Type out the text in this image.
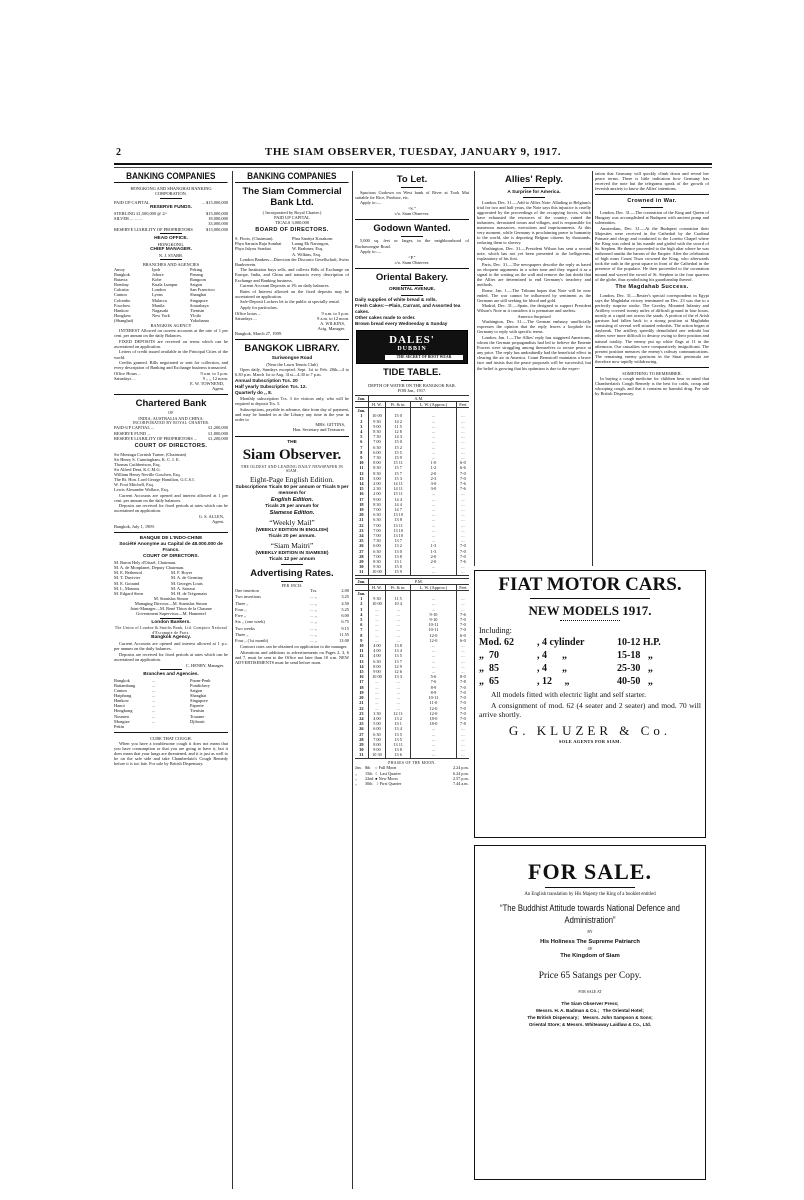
2	THE SIAM OBSERVER, TUESDAY, JANUARY 9, 1917.
BANKING COMPANIES
HONGKONG AND SHANGHAI BANKING CORPORATION.
PAID UP CAPITAL	... $15,000,000
RESERVE FUNDS.
STERLING £1,500,000 @ 2/-	$15,000,000
SILVER ... ... ...	18,000,000
33,000,000
RESERVE LIABILITY OF PROPRIETORS	$15,000,000
HEAD OFFICE.
HONGKONG.
CHIEF MANAGER.
N. J. STABB.
BRANCHES AND AGENCIES
Amoy	Ipoh	Peking
Bangkok	Johore	Penang
Batavia	Kobe	Rangoon
Bombay	Kuala Lumpur	Saigon
Calcutta	London	San Francisco
Canton	Lyons	Shanghai
Colombo	Malacca	Singapore
Foochow	Manila	Sourabaya
Hankow	Nagasaki	Tientsin
Hongkew	New York	Yloilo
(Shanghai)	Yokohama
BANGKOK AGENCY
INTEREST Allowed on current accounts at the rate of 1 per cent. per annum on the daily Balances.
FIXED DEPOSITS are received on terms which can be ascertained on application.
Letters of credit issued available in the Principal Cities of the world.
Credits granted. Bills negotiated or sent for collection, and every description of Banking and Exchange business transacted.
Office Hours ...	9 a.m. to 3 p.m.
Saturdays ...	9 ,, ,, 12 noon.
E. W. TOWNEND,
Agent.
Chartered Bank
OF
INDIA, AUSTRALIA AND CHINA.
INCORPORATED BY ROYAL CHARTER.
PAID-UP CAPITAL ...	£1,200,000
RESERVE FUND ...	£1,800,000
RESERVE LIABILITY OF PROPRIETORS ...	£1,200,000
COURT OF DIRECTORS.
Sir Montagu Cornish Turner, (Chairman)
Sir Henry S. Cunningham, K. C. I. E.
Thomas Cuthbertson, Esq.
Sir Alfred Dent, K.C.M.G.
William Henry Neville Goschen, Esq.
The Rt. Hon. Lord George Hamilton, G.C.S.I.
W. Foot Mitchell, Esq.
Lewis Alexander Wallace, Esq.
Current Accounts are opened and interest allowed at 1 per cent. per annum on the daily balances.
Deposits are received for fixed periods at rates which can be ascertained on application.
G. S. ALLEN,
Agent.
Bangkok, July 1, 1909.
BANQUE DE L'INDO-CHINE
Société Anonyme au Capital de 48.000.000 de Francs.
COURT OF DIRECTORS.
M. Baron Hely d'Oissel, Chairman.
M. A. de Monplanet, Deputy Chairman.
M. E. Bethenod	M. F. Boyer
M. T. Duvivier	M. A. de Germiny
M. E. Goirand	M. Georges Louis
M. L. Masnou	M. A. Sarraut
M. Edgard Stern	M. H. de Trégomain
M. Stanislas Simon
Managing Director—M. Stanislas Simon
Joint-Manager—M. René Thion de la Chaume
Government Supervisor—M. Hamentel
London Bankers.
The Union of London & Smiths Bank, Ltd. Comptoir National d'Escompte de Paris.
Bangkok Agency.
Current Accounts are opened and interest allowed at 1 p.c. per annum on the daily balances.
Deposits are received for fixed periods at rates which can be ascertained on application.
C. HENRY, Manager.
Branches and Agencies.
Bangkok	...	Pnom-Penh
Battambang	...	Pondichery
Canton	...	Saigon
Haiphong	...	Shanghai
Hankow	...	Singapore
Hanoi	...	Papeete
Hongkong	...	Tientsin
Noumea	...	Tourane
Mongtze	...	Djibouti
Pekin
CURE THAT COUGH.
When you have a troublesome cough it does not mean that you have consumption or that you are going to have it, but it does mean that your lungs are threatened, and it is just as well to be on the safe side and take Chamberlain's Cough Remedy before it is too late. For sale by British Dispensary.
BANKING COMPANIES
The Siam Commercial Bank Ltd.
( Incorporated by Royal Charter.)
PAID UP CAPITAL
TICALS 3,000,000
BOARD OF DIRECTORS.
S. Floris, (Chairman).	Phra Sanitya Kosakorn
Phya Sarasin Raja Sombat	Luang Ek Narongon,
Phya Jalyou Sombat	W. Brahmer, Esq.
A. Wilkins, Esq.
London Bankers—Direction der Disconto Gesellschaft, Swiss Bankverein.
The Institution buys sells, and collects Bills of Exchange on Europe, India, and China and transacts every description of Exchange and Banking business.
Current Account Deposits at 1% on daily balances.
Rates of Interest allowed on the fixed deposits may be ascertained on application.
Safe-Deposit Lockers let to the public at specially rental.
Apply for particulars.
Office hours ...	9 a.m. to 3 p.m.
Saturdays ...	9 a.m. to 12 noon.
A. WILKINS,
Actg. Manager.
Bangkok, March 27, 1909.
BANGKOK LIBRARY.
Suriwongse Road
(Near the Lawn Tennis Club)
Open daily, Sundays excepted. Sept. 1st to Feb. 28th—4 to 6.30 p.m. March 1st to Aug. 31st—4.30 to 7 p.m.
Annual Subscription Tcs. 20
Half yearly Subscription Tcs. 12.
Quarterly do ,, 8.
Monthly subscription Tcs. 3 for visitors only, who will be required to deposit Tcs. 5.
Subscriptions, payable in advance, date from day of payment, and may be handed in at the Library any time in the year in order to
MRS. GITTINS,
Hon. Secretary and Treasurer.
THE
Siam Observer.
THE OLDEST AND LEADING DAILY NEWSPAPER IN SIAM.
Eight-Page English Edition.
Subscriptions Ticals 50 per annum or Ticals 5 per mensem for
English Edition.
Ticals 25 per annum for
Siamese Edition.
“Weekly Mail”
(WEEKLY EDITION IN ENGLISH)
Ticals 20 per annum.
“Siam Maitri”
(WEEKLY EDITION IN SIAMESE)
Ticals 12 per annum
Advertising Rates.
PER INCH.
One insertion	Tcs.	2.00
Two insertions	... ,,	3.25
Three ,,	... ,,	4.50
Four ,,	... ,,	5.25
Five ,,	... ,,	6.00
Six ,, (one week)	... ,,	6.75
Two weeks	... ,,	9.15
Three ,,	... ,,	11.55
Four ,, (1st month)	... ,,	13.00
Contract rates can be obtained on application to the manager.
Alterations and additions to advertisements on Pages 2, 3, 6 and 7, must be sent to the Office not later than 10 a.m. NEW ADVERTISEMENTS must be send before noon.
To Let.
Spacious Godown on West bank of River at Took Mai suitable for Rice, Produce, etc.
Apply to:—
“S.”
c/o. Siam Observer.
Godown Wanted.
5,000 sq. feet or larger, in the neighbourhood of Rachawongse Road.
Apply to:—
“P.”
c/o. Siam Observer.
Oriental Bakery.
ORIENTAL AVENUE.
Daily supplies of white bread & rolls.
Fresh Cakes:—Plain, Currant, and Assorted tea cakes.
Other cakes made to order.
Brown bread every Wednesday & Sunday
DALES'
DUBBIN
THE SECRET OF BOOT WEAR
TIDE TABLE.
DEPTH OF WATER ON THE BANGKOK BAR.
FOR Jan., 1917.
Jan.	A.M.			
	H. W.	Ft. & in.	L. W. (Approx.)	Feet
Jan.				
1	10 00	15 0	...	...
2	9 30	14 2	...	...
3	9 00	11 5	...	...
4	8 30	12 8	...	...
5	7 30	14 3	...	...
6	7 00	15 0	...	...
7	6 30	15 2	...	...
8	6 00	15 5	...	...
9	7 30	15 9	...	...
10	8 00	15 11	1-0	6-0
11	8 30	15 7	1-2	6-6
12	8 30	15 7	2-0	7-0
13	3 00	15 3	2-3	7-0
14	2 00	14 11	3-0	7-6
15	2 30	14 11	3-0	7-6
16	2 00	15 11	...	...
17	9 00	14 4	...	...
18	8 30	14 4	...	...
19	7 00	14 7	...	...
20	6 30	13 10	...	...
21	6 30	13 8	...	...
22	7 00	13 11	...	...
23	7 00	13 10	...	...
24	7 00	13 10	...	...
25	7 30	13 7	...	...
26	6 00	13 2	1-3	7-0
27	6 30	13 0	1-3	7-0
28	7 00	13 8	2-0	7-0
29	8 30	13 1	2-0	7-6
30	9 30	15 0	...	...
31	10 00	15 9	...	...
Jan.	P.M.			
	H. W.	Ft. & in.	L. W. (Approx.)	Feet
Jan.				
1	9 30	11 5	...	...
2	10 00	10 4	...	...
3	...	...	...	...
4	...	...	9-10	7-6
5	...	...	9-10	7-0
6	...	...	10-11	7-0
7	...	...	10-11	7-0
8	...	...	12-0	6-0
9	...	...	12-0	6-0
10	4 00	13 8	...	...
11	4 00	13 4	...	...
12	4 00	13 5	...	...
13	6 30	13 7	...	...
14	8 00	12 9	...	...
15	9 00	12 6	...	...
16	10 00	13 3	5-6	8-0
17	...	...	7-6	7-8
18	...	...	8-9	7-0
19	...	...	8-9	7-0
20	...	...	10-11	7-0
21	...	...	11-0	7-0
22	...	...	12-0	7-0
23	3 30	12 11	12-0	7-0
24	4 00	13 2	18-0	7-0
25	5 00	13 1	18-0	7-8
26	6 00	13 4	...	...
27	6 30	13 5	...	...
28	7 00	13 5	...	...
29	8 00	13 11	...	...
30	9 00	13 8	...	...
31	10 30	13 6	...	...
PHASES OF THE MOON.
Jan. 8th	○ Full Moon	2.24 p.m.
„	15th ☾ Last Quarter	6.24 p.m.
„	22nd ● New Moon	2.57 p.m.
„	30th ☽ First Quarter	7.44 a.m.
Allies' Reply.
A Surprise for America.
London, Dec. 31.—Add to Allies Note: Alluding to Belgium's trial for two and half years, the Note says this injustice is cruelly aggravated by the proceedings of the occupying forces, which have exhausted the resources of the country, ruined the industries, devastated towns and villages, and is responsible for numerous massacres, executions and imprisonments. At this very moment, while Germany is proclaiming peace to humanity to the world, she is deporting Belgian citizens by thousands, reducing them to slavery.
Washington, Dec. 31.—President Wilson has sent a second note, which has not yet been presented to the belligerents, explanatory of his first.
Paris, Dec. 31.—The newspapers describe the reply as based on eloquent arguments in a sober tone and they regard it as a signal to the waiting on the wall and remove the last doubt that the Allies are determined to end Germany's treachery and methods.
Rome, Jan. 1.—The Tribuna hopes that Note will be now ended. The war cannot be influenced by sentiment as the Germans are still seeking for blood and gold.
Madrid, Dec. 31.—Spain, the designed to support President Wilson's Note as it considers it is premature and useless.
America Surprised
Washington, Dec. 31.—The German embassy unofficially expresses the opinion that the reply leaves a loophole for Germany to reply with specific terms.
London, Jan. 1.—The Allies' reply has staggered Americans, whom the German propagandists had led to believe the Entente Powers were struggling among themselves to secure peace at any price. The reply has undoubtedly had the beneficial effect in clearing the air in America. Count Bernstorff maintains a brave face and insists that the peace proposals will be successful, but the belief is growing that his optimism is due to the expec-
tation that Germany will quickly climb down and reveal her peace terms. There is little indication how Germany has received the note but the telegrams speak of the growth of feverish anxiety to know the Allies' intentions.
Crowned in War.
London, Dec. 31.—The coronation of the King and Queen of Hungary was accomplished at Budapest with ancient pomp and solemnities.
Amsterdam, Dec. 31.—At the Budapest coronation their Majesties were received in the Cathedral by the Cardinal Primate and clergy and conducted to the Loretto Chapel where the King was robed in his mantle and girded with the sword of St. Stephen. He thence proceeded to the high altar where he was enthroned amidst the barons of the Empire. After the celebration of high mass Count Tisza crowned the King, who afterwards took the oath in the great square in front of the Cathedral in the presence of the populace. He then proceeded to the coronation mound and waved the sword of St. Stephen to the four quarters of the globe, thus symbolising his guardianship thereof.
The Magdahab Success.
London, Dec. 31.—Reuter's special correspondent in Egypt says the Maghdaba victory terminated on Dec. 23 was due to a perfectly surprise stroke. The Cavalry, Mounted Infantry and Artillery covered twenty miles of difficult ground in four hours, mostly at a rapid trot across the sands. A portion of the el Arish garrison had fallen back to a strong position at Maghdaba consisting of several well situated redoubts. The action began at daybreak. The artillery speedily demolished one redoubt but others were more difficult to destroy owing to their position and natural totality. The enemy put up white flags at 11 in the afternoon. Our casualties were comparatively insignificant. The present position menaces the enemy's railway communications. The remaining enemy garrisons in the Sinai peninsula are therefore now rapidly withdrawing.
SOMETHING TO REMEMBER.
In buying a cough medicine for children bear in mind that Chamberlain's Cough Remedy is the best for colds, croup and whooping cough, and that it contains no harmful drug. For sale by British Dispensary.
FIAT MOTOR CARS.
NEW MODELS 1917.
Including:
Mod. 62	, 4 cylinder	10-12 H.P.
„  70	, 4      „	15-18   „
„  85	, 4      „	25-30   „
„  65	, 12     „	40-50   „
All models fitted with electric light and self starter.
A consignment of mod. 62 (4 seater and 2 seater) and mod. 70 will arrive shortly.
G. KLUZER & Co.
SOLE AGENTS FOR SIAM.
FOR SALE.
An English translation by His Majesty the King of a booklet entitled
“The Buddhist Attitude towards National Defence and Administration”
BY
His Holiness The Supreme Patriarch
OF
The Kingdom of Siam
Price 65 Satangs per Copy.
FOR SALE AT
The Siam Observer Press;
Messrs. H. A. Badman & Co.;   The Oriental Hotel;
The British Dispensary;   Messrs. John Sampson & Sons;
Oriental Store; & Messrs. Whiteaway Laidlaw & Co., Ltd.
